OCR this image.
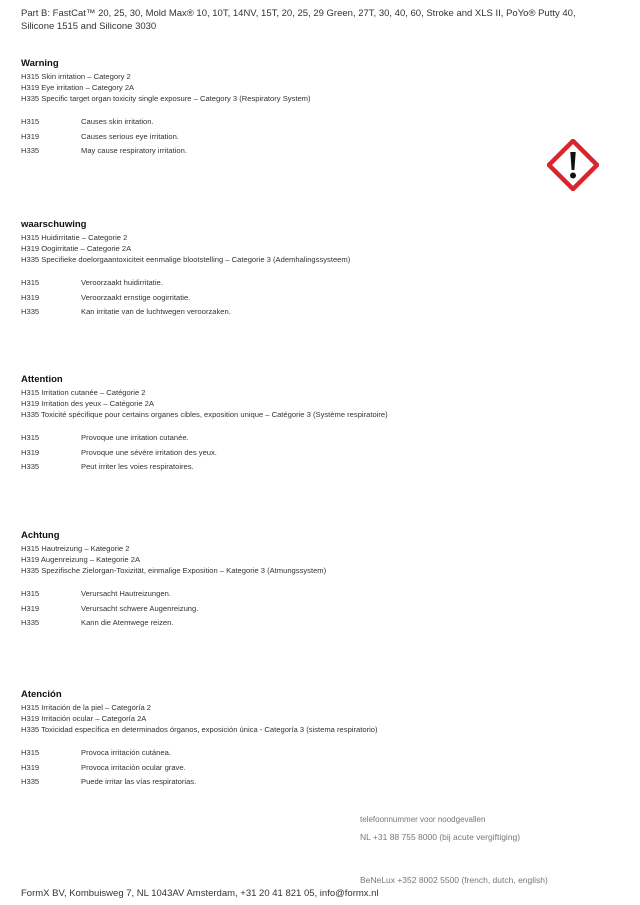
Part B: FastCat™ 20, 25, 30, Mold Max® 10, 10T, 14NV, 15T, 20, 25, 29 Green, 27T, 30, 40, 60, Stroke and XLS II, PoYo® Putty 40, Silicone 1515 and Silicone 3030
Warning
H315 Skin irritation – Category 2
H319 Eye irritation – Category 2A
H335 Specific target organ toxicity single exposure – Category 3 (Respiratory System)
H315	Causes skin irritation.
H319	Causes serious eye irritation.
H335	May cause respiratory irritation.
waarschuwing
H315 Huidirritatie – Categorie 2
H319 Oogirritatie – Categorie 2A
H335 Specifieke doelorgaantoxiciteit eenmalige blootstelling – Categorie 3 (Ademhalingssysteem)
H315	Veroorzaakt huidirritatie.
H319	Veroorzaakt ernstige oogirritatie.
H335	Kan irritatie van de luchtwegen veroorzaken.
Attention
H315 Irritation cutanée – Catégorie 2
H319 Irritation des yeux – Catégorie 2A
H335 Toxicité spécifique pour certains organes cibles, exposition unique – Catégorie 3 (Système respiratoire)
H315	Provoque une irritation cutanée.
H319	Provoque une sévère irritation des yeux.
H335	Peut irriter les voies respiratoires.
Achtung
H315 Hautreizung – Kategorie 2
H319 Augenreizung – Kategorie 2A
H335 Spezifische Zielorgan-Toxizität, einmalige Exposition – Kategorie 3 (Atmungssystem)
H315	Verursacht Hautreizungen.
H319	Verursacht schwere Augenreizung.
H335	Kann die Atemwege reizen.
Atención
H315 Irritación de la piel – Categoría 2
H319 Irritación ocular – Categoría 2A
H335 Toxicidad específica en determinados órganos, exposición única - Categoría 3 (sistema respiratorio)
H315	Provoca irritación cutánea.
H319	Provoca irritación ocular grave.
H335	Puede irritar las vías respiratorias.
telefoonnummer voor noodgevallen
NL +31 88 755 8000 (bij acute vergiftiging)
BeNeLux +352 8002 5500 (french, dutch, english)
FormX BV, Kombuisweg 7, NL 1043AV Amsterdam, +31 20 41 821 05, info@formx.nl
